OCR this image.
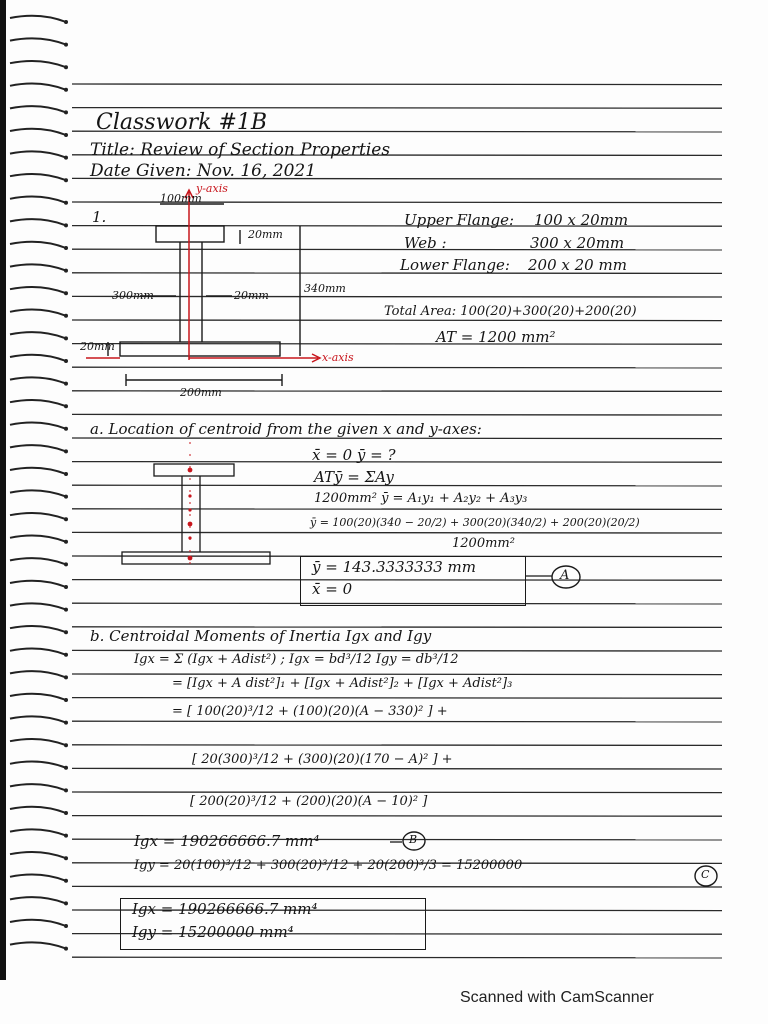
Classwork #1B
Title: Review of Section Properties
Date Given: Nov. 16, 2021
1.
y-axis
100mm
20mm
300mm	20mm
340mm
20mm
x-axis
200mm
Upper Flange: 100 x 20mm
Web :	300 x 20mm
Lower Flange: 200 x 20 mm
Total Area: 100(20)+300(20)+200(20)
AT = 1200 mm²
a. Location of centroid from the given x and y-axes:
x̄ = 0 ȳ = ?
ATȳ = ΣAy
1200mm² ȳ = A₁y₁ + A₂y₂ + A₃y₃
ȳ = 100(20)(340 − 20/2) + 300(20)(340/2) + 200(20)(20/2)
1200mm²
ȳ = 143.3333333 mm
x̄ = 0
A
b. Centroidal Moments of Inertia Igx and Igy
Igx = Σ (Igx + Adist²) ; Igx = bd³/12 Igy = db³/12
= [Igx + A dist²]₁ + [Igx + Adist²]₂ + [Igx + Adist²]₃
= [ 100(20)³/12 + (100)(20)(A − 330)² ] +
[ 20(300)³/12 + (300)(20)(170 − A)² ] +
[ 200(20)³/12 + (200)(20)(A − 10)² ]
Igx = 190266666.7 mm⁴	B
Igy = 20(100)³/12 + 300(20)³/12 + 20(200)³/3 = 15200000
C
Igx = 190266666.7 mm⁴
Igy = 15200000 mm⁴
Scanned with CamScanner
